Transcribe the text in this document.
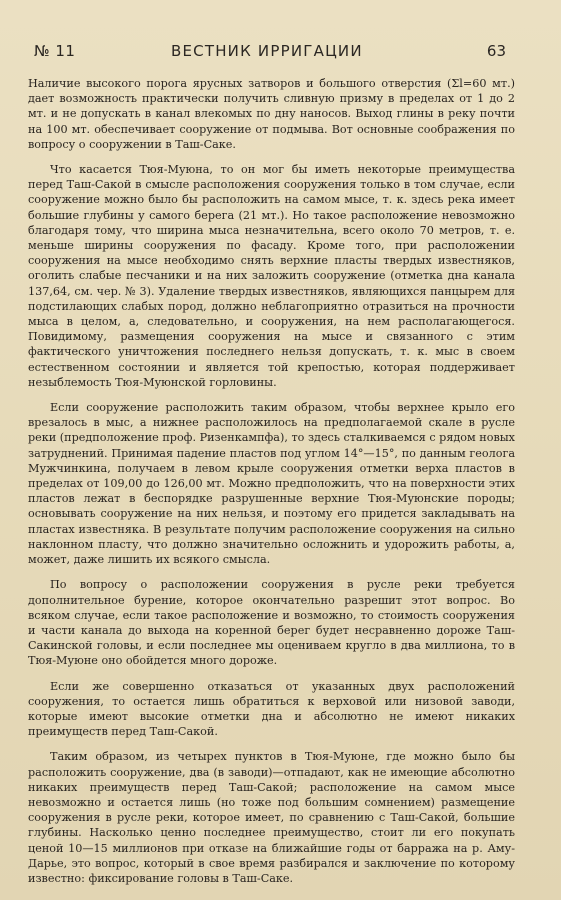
№ 11	ВЕСТНИК ИРРИГАЦИИ	63

Наличие высокого порога ярусных затворов и большого отверстия (Σl=60 мт.) дает возможность практически получить сливную призму в пределах от 1 до 2 мт. и не допускать в канал влекомых по дну наносов. Выход глины в реку почти на 100 мт. обеспечивает сооружение от подмыва. Вот основные соображения по вопросу о сооружении в Таш-Саке.

Что касается Тюя-Муюна, то он мог бы иметь некоторые преимущества перед Таш-Сакой в смысле расположения сооружения только в том случае, если сооружение можно было бы расположить на самом мысе, т. к. здесь река имеет большие глубины у самого берега (21 мт.). Но такое расположение невозможно благодаря тому, что ширина мыса незначительна, всего около 70 метров, т. е. меньше ширины сооружения по фасаду. Кроме того, при расположении сооружения на мысе необходимо снять верхние пласты твердых известняков, оголить слабые песчаники и на них заложить сооружение (отметка дна канала 137,64, см. чер. № 3). Удаление твердых известняков, являющихся панцырем для подстилающих слабых пород, должно неблагоприятно отразиться на прочности мыса в целом, а, следовательно, и сооружения, на нем располагающегося. Повидимому, размещения сооружения на мысе и связанного с этим фактического уничтожения последнего нельзя допускать, т. к. мыс в своем естественном состоянии и является той крепостью, которая поддерживает незыблемость Тюя-Муюнской горловины.

Если сооружение расположить таким образом, чтобы верхнее крыло его врезалось в мыс, а нижнее расположилось на предполагаемой скале в русле реки (предположение проф. Ризенкампфа), то здесь сталкиваемся с рядом новых затруднений. Принимая падение пластов под углом 14°—15°, по данным геолога Мужчинкина, получаем в левом крыле сооружения отметки верха пластов в пределах от 109,00 до 126,00 мт. Можно предположить, что на поверхности этих пластов лежат в беспорядке разрушенные верхние Тюя-Муюнские породы; основывать сооружение на них нельзя, и поэтому его придется закладывать на пластах известняка. В результате получим расположение сооружения на сильно наклонном пласту, что должно значительно осложнить и удорожить работы, а, может, даже лишить их всякого смысла.

По вопросу о расположении сооружения в русле реки требуется дополнительное бурение, которое окончательно разрешит этот вопрос. Во всяком случае, если такое расположение и возможно, то стоимость сооружения и части канала до выхода на коренной берег будет несравненно дороже Таш-Сакинской головы, и если последнее мы оцениваем кругло в два миллиона, то в Тюя-Муюне оно обойдется много дороже.

Если же совершенно отказаться от указанных двух расположений сооружения, то остается лишь обратиться к верховой или низовой заводи, которые имеют высокие отметки дна и абсолютно не имеют никаких преимуществ перед Таш-Сакой.

Таким образом, из четырех пунктов в Тюя-Муюне, где можно было бы расположить сооружение, два (в заводи)—отпадают, как не имеющие абсолютно никаких преимуществ перед Таш-Сакой; расположение на самом мысе невозможно и остается лишь (но тоже под большим сомнением) размещение сооружения в русле реки, которое имеет, по сравнению с Таш-Сакой, большие глубины. Насколько ценно последнее преимущество, стоит ли его покупать ценой 10—15 миллионов при отказе на ближайшие годы от барража на р. Аму-Дарье, это вопрос, который в свое время разбирался и заключение по которому известно: фиксирование головы в Таш-Саке.
